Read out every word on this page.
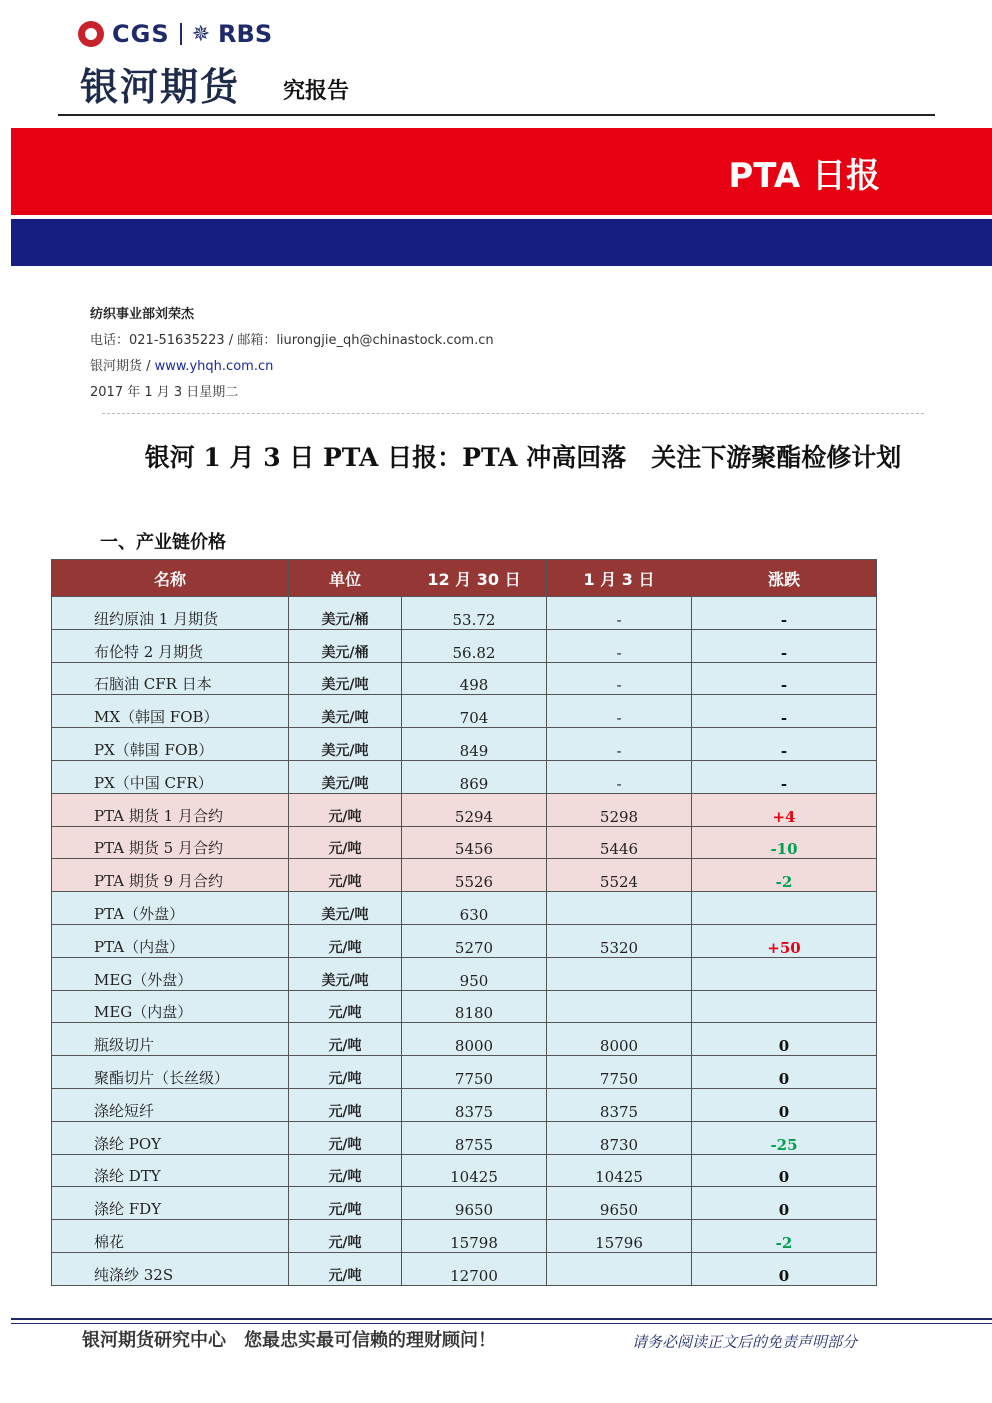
CGS ✵ RBS
银河期货 究报告
PTA 日报
纺织事业部刘荣杰
电话：021-51635223 / 邮箱：liurongjie_qh@chinastock.com.cn
银河期货 / www.yhqh.com.cn
2017 年 1 月 3 日星期二
银河 1 月 3 日 PTA 日报：PTA 冲高回落　关注下游聚酯检修计划
一、产业链价格
名称	单位	12 月 30 日	1 月 3 日	涨跌
纽约原油 1 月期货	美元/桶	53.72	-	-
布伦特 2 月期货	美元/桶	56.82	-	-
石脑油 CFR 日本	美元/吨	498	-	-
MX（韩国 FOB）	美元/吨	704	-	-
PX（韩国 FOB）	美元/吨	849	-	-
PX（中国 CFR）	美元/吨	869	-	-
PTA 期货 1 月合约	元/吨	5294	5298	+4
PTA 期货 5 月合约	元/吨	5456	5446	-10
PTA 期货 9 月合约	元/吨	5526	5524	-2
PTA（外盘）	美元/吨	630		
PTA（内盘）	元/吨	5270	5320	+50
MEG（外盘）	美元/吨	950		
MEG（内盘）	元/吨	8180		
瓶级切片	元/吨	8000	8000	0
聚酯切片（长丝级）	元/吨	7750	7750	0
涤纶短纤	元/吨	8375	8375	0
涤纶 POY	元/吨	8755	8730	-25
涤纶 DTY	元/吨	10425	10425	0
涤纶 FDY	元/吨	9650	9650	0
棉花	元/吨	15798	15796	-2
纯涤纱 32S	元/吨	12700		0
银河期货研究中心　您最忠实最可信赖的理财顾问！	请务必阅读正文后的免责声明部分
